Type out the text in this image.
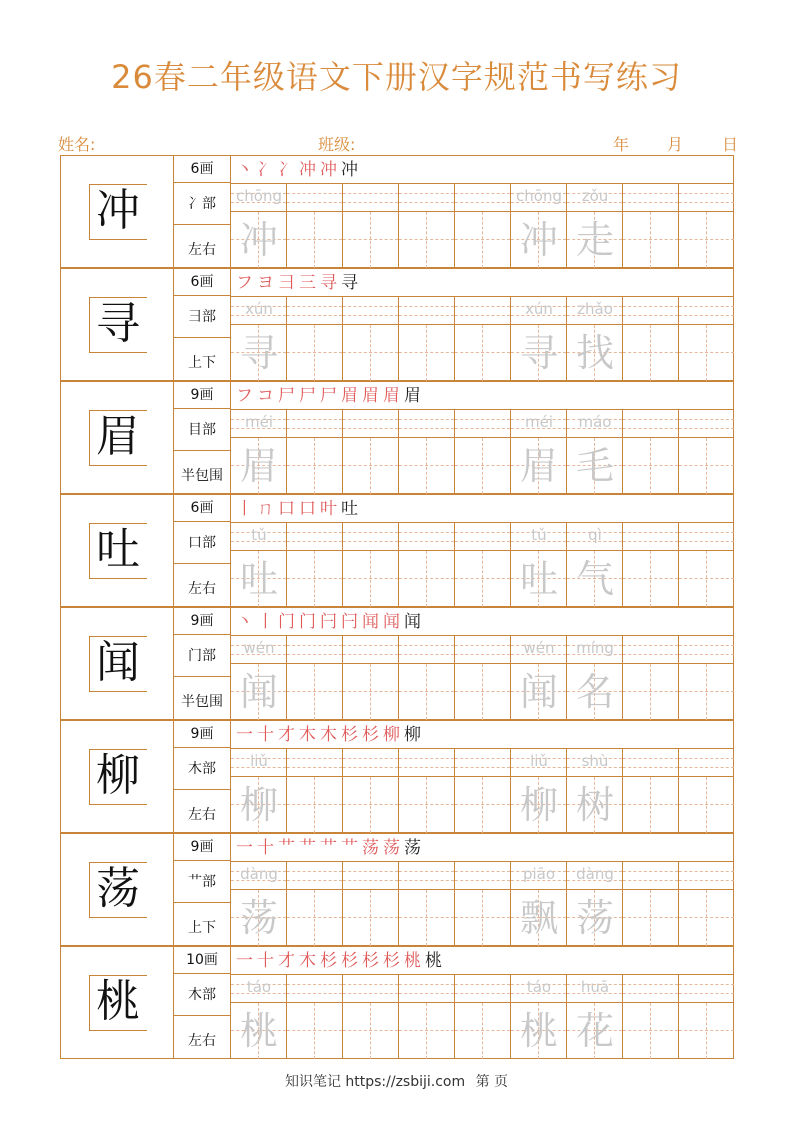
26春二年级语文下册汉字规范书写练习
姓名:	班级:	年 月 日
冲
6画
冫部
左右
丶 冫 冫 冲 冲 冲
chōng
冲
chōng
冲
zǒu
走
寻
6画
彐部
上下
フ ヨ 彐 三 寻 寻
xún
寻
xún
寻
zhǎo
找
眉
9画
目部
半包围
フ コ 尸 尸 尸 眉 眉 眉 眉
méi
眉
méi
眉
máo
毛
吐
6画
口部
左右
丨 ㄇ 口 口 叶 吐
tǔ
吐
tǔ
吐
qì
气
闻
9画
门部
半包围
丶 丨 门 门 闩 闩 闻 闻 闻
wén
闻
wén
闻
míng
名
柳
9画
木部
左右
一 十 才 木 木 杉 杉 柳 柳
liǔ
柳
liǔ
柳
shù
树
荡
9画
艹部
上下
一 十 艹 艹 艹 艹 荡 荡 荡
dàng
荡
piāo
飘
dàng
荡
桃
10画
木部
左右
一 十 才 木 杉 杉 杉 杉 桃 桃
táo
桃
táo
桃
huā
花
知识笔记 https://zsbiji.com 第 页
